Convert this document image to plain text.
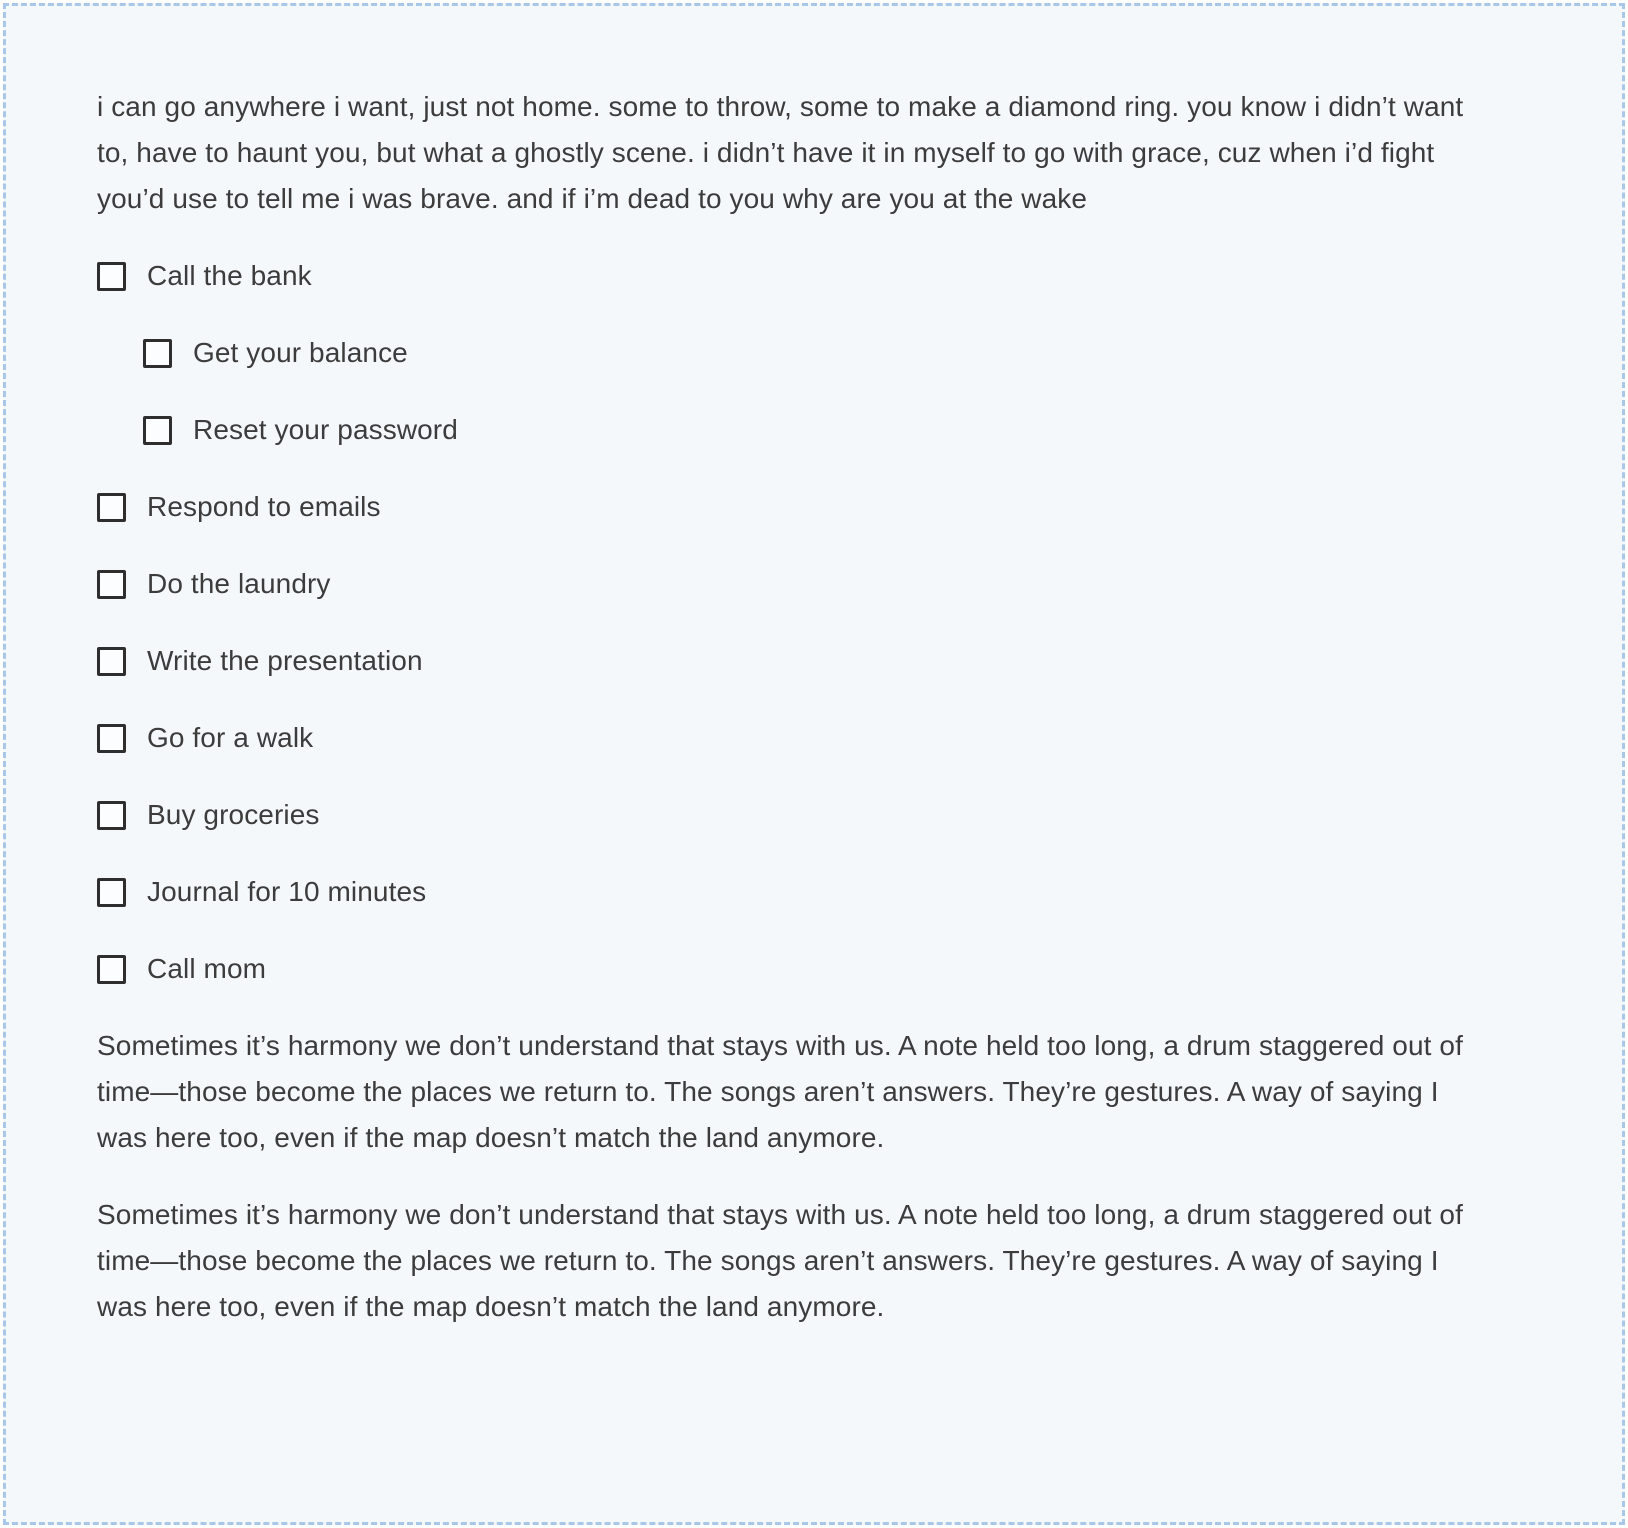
i can go anywhere i want, just not home. some to throw, some to make a diamond ring. you know i didn’t want to, have to haunt you, but what a ghostly scene. i didn’t have it in myself to go with grace, cuz when i’d fight you’d use to tell me i was brave. and if i’m dead to you why are you at the wake

Call the bank
Get your balance
Reset your password
Respond to emails
Do the laundry
Write the presentation
Go for a walk
Buy groceries
Journal for 10 minutes
Call mom

Sometimes it’s harmony we don’t understand that stays with us. A note held too long, a drum staggered out of time—those become the places we return to. The songs aren’t answers. They’re gestures. A way of saying I was here too, even if the map doesn’t match the land anymore.

Sometimes it’s harmony we don’t understand that stays with us. A note held too long, a drum staggered out of time—those become the places we return to. The songs aren’t answers. They’re gestures. A way of saying I was here too, even if the map doesn’t match the land anymore.
